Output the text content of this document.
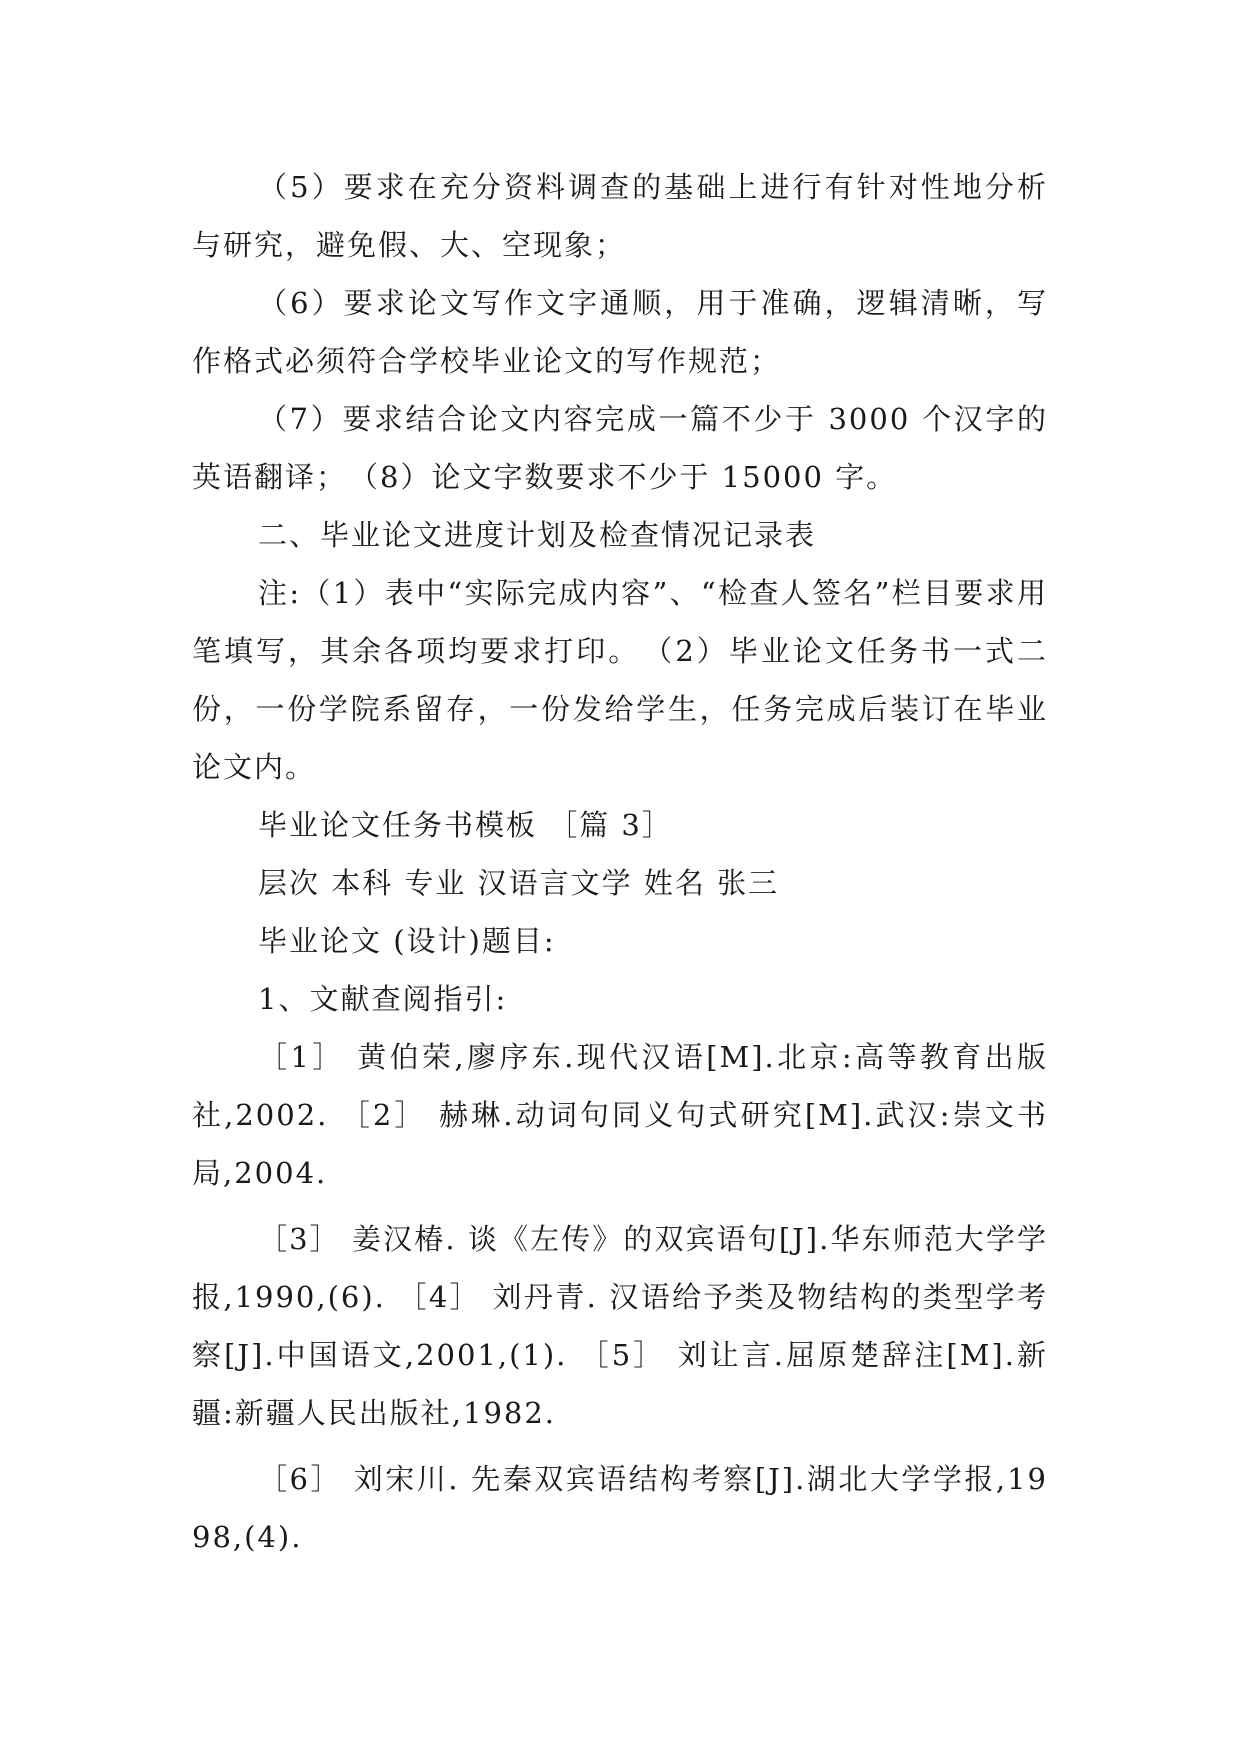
（5）要求在充分资料调查的基础上进行有针对性地分析与研究，避免假、大、空现象；

（6）要求论文写作文字通顺，用于准确，逻辑清晰，写作格式必须符合学校毕业论文的写作规范；

（7）要求结合论文内容完成一篇不少于 3000 个汉字的英语翻译；　（8）论文字数要求不少于 15000 字。

二、毕业论文进度计划及检查情况记录表

注:（1）表中“实际完成内容”、“检查人签名”栏目要求用笔填写，其余各项均要求打印。　（2）毕业论文任务书一式二份，一份学院系留存，一份发给学生，任务完成后装订在毕业论文内。

毕业论文任务书模板 ［篇 3］

层次 本科 专业 汉语言文学 姓名 张三

毕业论文 (设计)题目:

1、文献查阅指引:

［1］ 黄伯荣,廖序东.现代汉语[M].北京:高等教育出版社,2002. ［2］ 赫琳.动词句同义句式研究[M].武汉:崇文书局,2004.

［3］ 姜汉椿. 谈《左传》的双宾语句[J].华东师范大学学报,1990,(6). ［4］ 刘丹青. 汉语给予类及物结构的类型学考察[J].中国语文,2001,(1). ［5］ 刘让言.屈原楚辞注[M].新疆:新疆人民出版社,1982.

［6］ 刘宋川. 先秦双宾语结构考察[J].湖北大学学报,1998,(4).
